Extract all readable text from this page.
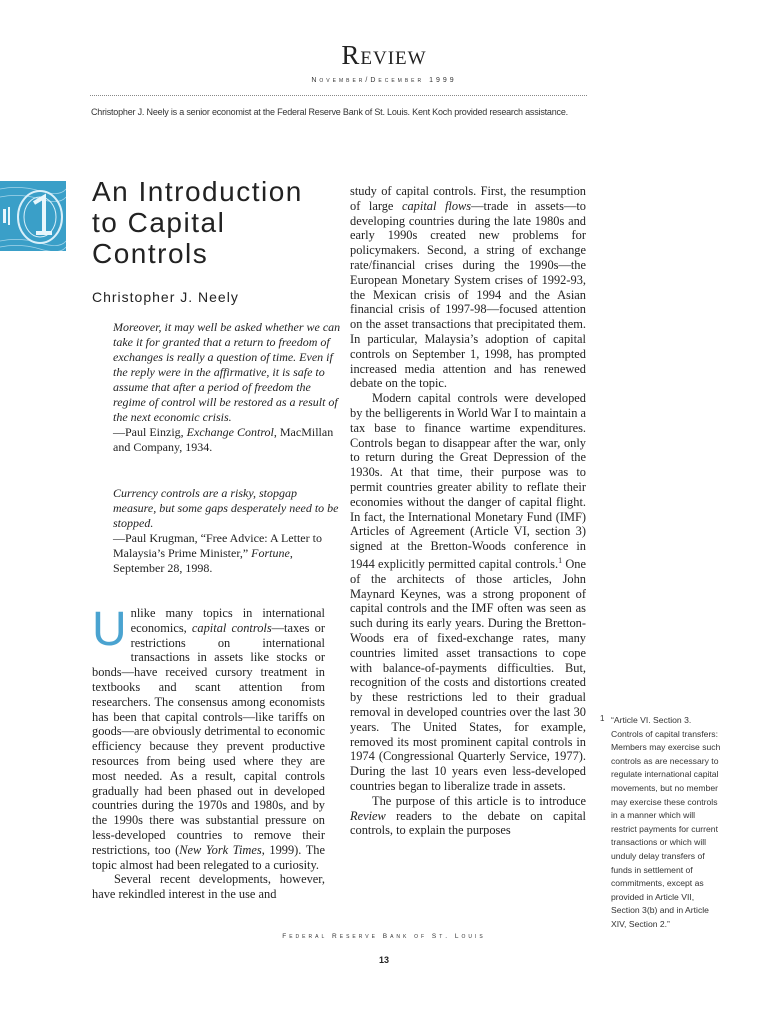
Review
November/December 1999
Christopher J. Neely is a senior economist at the Federal Reserve Bank of St. Louis. Kent Koch provided research assistance.
An Introduction
to Capital
Controls
Christopher J. Neely

Moreover, it may well be asked whether we can take it for granted that a return to freedom of exchanges is really a question of time. Even if the reply were in the affirmative, it is safe to assume that after a period of freedom the regime of control will be restored as a result of the next economic crisis.

—Paul Einzig, Exchange Control, MacMillan and Company, 1934.

Currency controls are a risky, stopgap measure, but some gaps desperately need to be stopped.

—Paul Krugman, “Free Advice: A Letter to Malaysia’s Prime Minister,” Fortune, September 28, 1998.

Unlike many topics in international economics, capital controls—taxes or restrictions on international transactions in assets like stocks or bonds—have received cursory treatment in textbooks and scant attention from researchers. The consensus among economists has been that capital controls—like tariffs on goods—are obviously detrimental to economic efficiency because they prevent productive resources from being used where they are most needed. As a result, capital controls gradually had been phased out in developed countries during the 1970s and 1980s, and by the 1990s there was substantial pressure on less-developed countries to remove their restrictions, too (New York Times, 1999). The topic almost had been relegated to a curiosity.

Several recent developments, however, have rekindled interest in the use and

study of capital controls. First, the resumption of large capital flows—trade in assets—to developing countries during the late 1980s and early 1990s created new problems for policymakers. Second, a string of exchange rate/financial crises during the 1990s—the European Monetary System crises of 1992-93, the Mexican crisis of 1994 and the Asian financial crisis of 1997-98—focused attention on the asset transactions that precipitated them. In particular, Malaysia’s adoption of capital controls on September 1, 1998, has prompted increased media attention and has renewed debate on the topic.

Modern capital controls were developed by the belligerents in World War I to maintain a tax base to finance wartime expenditures. Controls began to disappear after the war, only to return during the Great Depression of the 1930s. At that time, their purpose was to permit countries greater ability to reflate their economies without the danger of capital flight. In fact, the International Monetary Fund (IMF) Articles of Agreement (Article VI, section 3) signed at the Bretton-Woods conference in 1944 explicitly permitted capital controls.$^1$ One of the architects of those articles, John Maynard Keynes, was a strong proponent of capital controls and the IMF often was seen as such during its early years. During the Bretton-Woods era of fixed-exchange rates, many countries limited asset transactions to cope with balance-of-payments difficulties. But, recognition of the costs and distortions created by these restrictions led to their gradual removal in developed countries over the last 30 years. The United States, for example, removed its most prominent capital controls in 1974 (Congressional Quarterly Service, 1977). During the last 10 years even less-developed countries began to liberalize trade in assets.

The purpose of this article is to introduce Review readers to the debate on capital controls, to explain the purposes

1 “Article VI. Section 3. Controls of capital transfers: Members may exercise such controls as are necessary to regulate international capital movements, but no member may exercise these controls in a manner which will restrict payments for current transactions or which will unduly delay transfers of funds in settlement of commitments, except as provided in Article VII, Section 3(b) and in Article XIV, Section 2.”
Federal Reserve Bank of St. Louis
13
